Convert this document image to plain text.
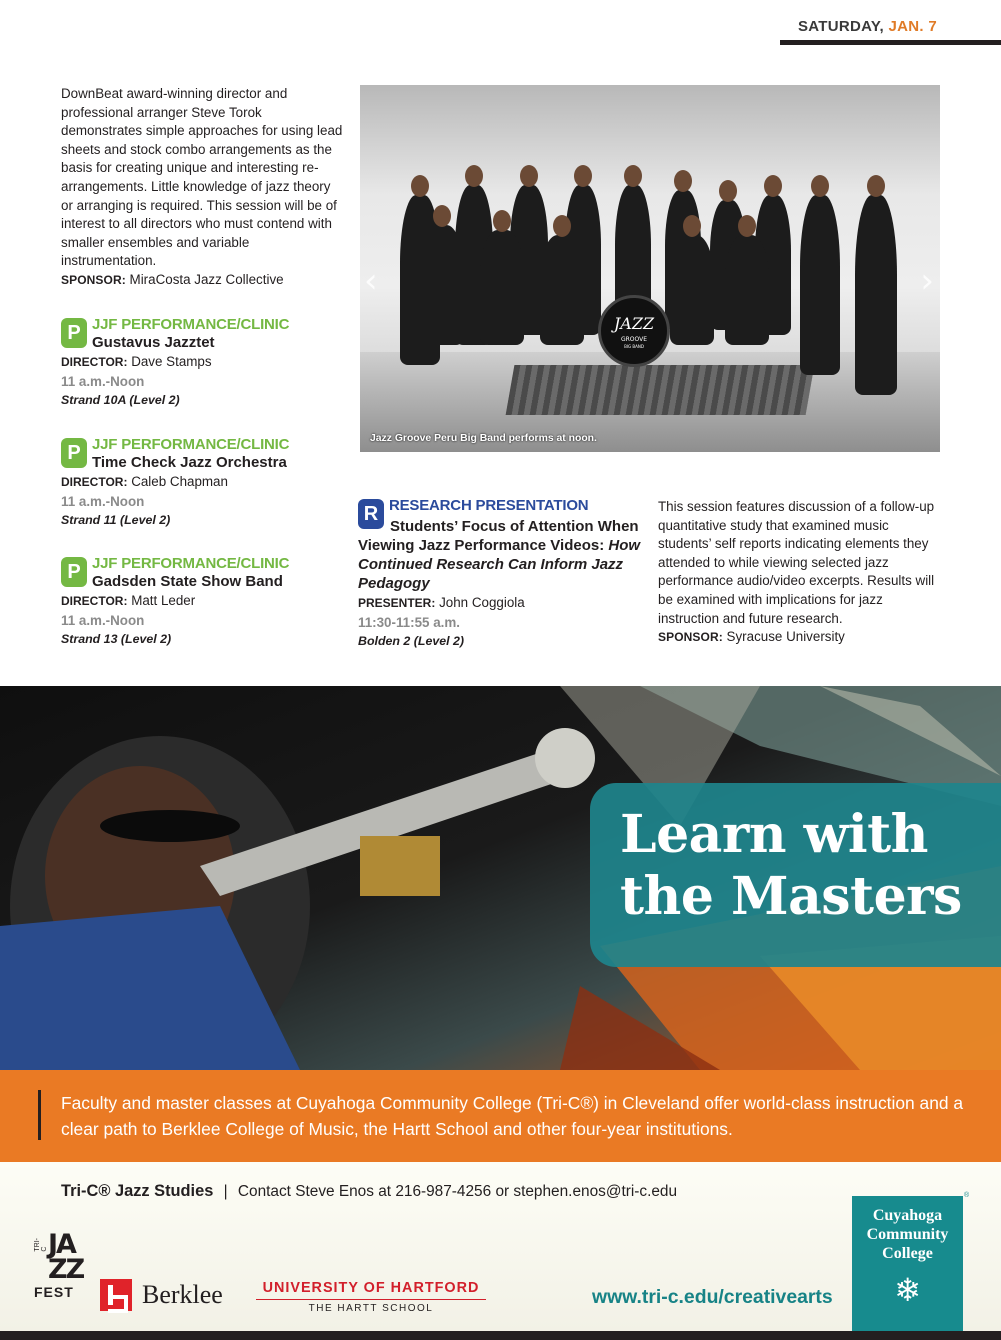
SATURDAY, JAN. 7
DownBeat award-winning director and professional arranger Steve Torok demonstrates simple approaches for using lead sheets and stock combo arrangements as the basis for creating unique and interesting re-arrangements. Little knowledge of jazz theory or arranging is required. This session will be of interest to all directors who must contend with smaller ensembles and variable instrumentation.
SPONSOR: MiraCosta Jazz Collective
P JJF PERFORMANCE/CLINIC
Gustavus Jazztet
DIRECTOR: Dave Stamps
11 a.m.-Noon
Strand 10A (Level 2)
P JJF PERFORMANCE/CLINIC
Time Check Jazz Orchestra
DIRECTOR: Caleb Chapman
11 a.m.-Noon
Strand 11 (Level 2)
P JJF PERFORMANCE/CLINIC
Gadsden State Show Band
DIRECTOR: Matt Leder
11 a.m.-Noon
Strand 13 (Level 2)
JAZZ
GROOVE
BIG BAND
‹	›
Jazz Groove Peru Big Band performs at noon.
R RESEARCH PRESENTATION
Students’ Focus of Attention When Viewing Jazz Performance Videos: How Continued Research Can Inform Jazz Pedagogy
PRESENTER: John Coggiola
11:30-11:55 a.m.
Bolden 2 (Level 2)
This session features discussion of a follow-up quantitative study that examined music students’ self reports indicating elements they attended to while viewing selected jazz performance audio/video excerpts. Results will be examined with implications for jazz instruction and future research.
SPONSOR: Syracuse University
Learn with
the Masters
Faculty and master classes at Cuyahoga Community College (Tri-C®) in Cleveland offer world-class instruction and a clear path to Berklee College of Music, the Hartt School and other four-year institutions.
Tri-C® Jazz Studies | Contact Steve Enos at 216-987-4256 or stephen.enos@tri-c.edu
TRI-C JAZZ
FEST	Berklee	UNIVERSITY OF HARTFORD
THE HARTT SCHOOL
www.tri-c.edu/creativearts
Cuyahoga
Community
College
❄
®
